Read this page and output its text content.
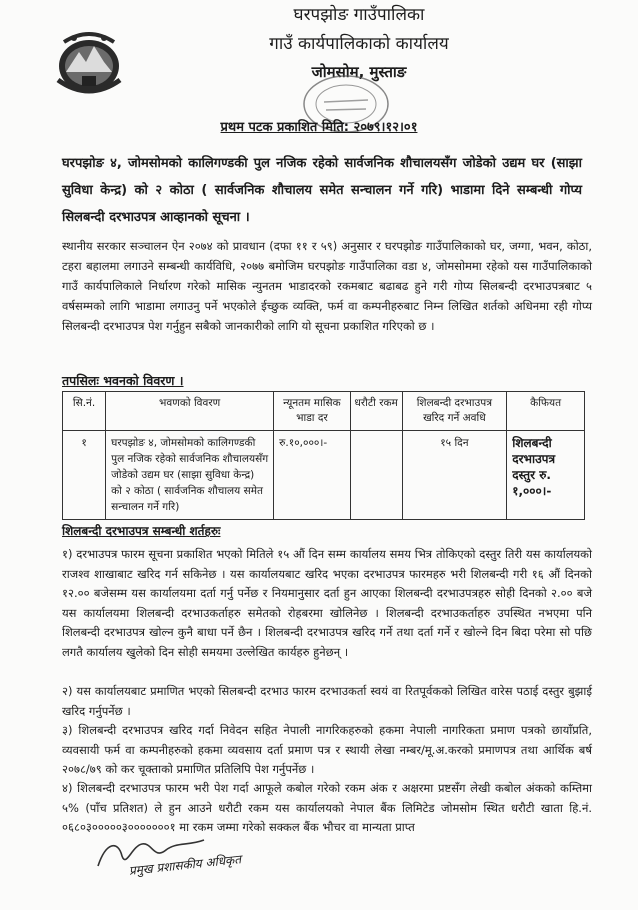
घरपझोङ गाउँपालिका
गाउँ कार्यपालिकाको कार्यालय
जोमसोम, मुस्ताङ
प्रथम पटक प्रकाशित मिति: २०७९।१२।०१
घरपझोङ ४, जोमसोमको कालिगण्डकी पुल नजिक रहेको सार्वजनिक शौचालयसँग जोडेको उद्यम घर (साझा सुविधा केन्द्र) को २ कोठा ( सार्वजनिक शौचालय समेत सन्चालन गर्ने गरि) भाडामा दिने सम्बन्धी गोप्य सिलबन्दी दरभाउपत्र आव्हानको सूचना ।
स्थानीय सरकार सञ्चालन ऐन २०७४ को प्रावधान (दफा ११ र ५९) अनुसार र घरपझोङ गाउँपालिकाको घर, जग्गा, भवन, कोठा, टहरा बहालमा लगाउने सम्बन्धी कार्यविधि, २०७७ बमोजिम घरपझोङ गाउँपालिका वडा ४, जोमसोममा रहेको यस गाउँपालिकाको गाउँ कार्यपालिकाले निर्धारण गरेको मासिक न्युनतम भाडादरको रकमबाट बढाबढ हुने गरी गोप्य सिलबन्दी दरभाउपत्रबाट ५ वर्षसम्मको लागि भाडामा लगाउनु पर्ने भएकोले ईच्छुक व्यक्ति, फर्म वा कम्पनीहरुबाट निम्न लिखित शर्तको अधिनमा रही गोप्य सिलबन्दी दरभाउपत्र पेश गर्नुहुन सबैको जानकारीको लागि यो सूचना प्रकाशित गरिएको छ ।
तपसिलः भवनको विवरण ।
सि.नं.	भवणको विवरण	न्यूनतम मासिक भाडा दर	धरौटी रकम	शिलबन्दी दरभाउपत्र खरिद गर्ने अवधि	कैफियत
१	घरपझोङ ४, जोमसोमको कालिगण्डकी पुल नजिक रहेको सार्वजनिक शौचालयसँग जोडेको उद्यम घर (साझा सुविधा केन्द्र) को २ कोठा ( सार्वजनिक शौचालय समेत सन्चालन गर्ने गरि)	रु.१०,०००।-		१५ दिन	शिलबन्दी दरभाउपत्र दस्तुर रु. १,०००।-
शिलबन्दी दरभाउपत्र सम्बन्धी शर्तहरुः
१) दरभाउपत्र फारम सूचना प्रकाशित भएको मितिले १५ औं दिन सम्म कार्यालय समय भित्र तोकिएको दस्तुर तिरी यस कार्यालयको राजश्व शाखाबाट खरिद गर्न सकिनेछ । यस कार्यालयबाट खरिद भएका दरभाउपत्र फारमहरु भरी शिलबन्दी गरी १६ औं दिनको १२.०० बजेसम्म यस कार्यालयमा दर्ता गर्नु पर्नेछ र नियमानुसार दर्ता हुन आएका शिलबन्दी दरभाउपत्रहरु सोही दिनको २.०० बजे यस कार्यालयमा शिलबन्दी दरभाउकर्ताहरु समेतको रोहबरमा खोलिनेछ । शिलबन्दी दरभाउकर्ताहरु उपस्थित नभएमा पनि शिलबन्दी दरभाउपत्र खोल्न कुनै बाधा पर्ने छैन । शिलबन्दी दरभाउपत्र खरिद गर्ने तथा दर्ता गर्ने र खोल्ने दिन बिदा परेमा सो पछि लगतै कार्यालय खुलेको दिन सोही समयमा उल्लेखित कार्यहरु हुनेछन् ।
२) यस कार्यालयबाट प्रमाणित भएको सिलबन्दी दरभाउ फारम दरभाउकर्ता स्वयं वा रितपूर्वकको लिखित वारेस पठाई दस्तुर बुझाई खरिद गर्नुपर्नेछ ।
३) शिलबन्दी दरभाउपत्र खरिद गर्दा निवेदन सहित नेपाली नागरिकहरुको हकमा नेपाली नागरिकता प्रमाण पत्रको छायाँप्रति, व्यवसायी फर्म वा कम्पनीहरुको हकमा व्यवसाय दर्ता प्रमाण पत्र र स्थायी लेखा नम्बर/मू.अ.करको प्रमाणपत्र तथा आर्थिक बर्ष २०७८/७९ को कर चूक्ताको प्रमाणित प्रतिलिपि पेश गर्नुपर्नेछ ।
४) शिलबन्दी दरभाउपत्र फारम भरी पेश गर्दा आफूले कबोल गरेको रकम अंक र अक्षरमा प्रष्टसँग लेखी कबोल अंकको कम्तिमा ५% (पाँच प्रतिशत) ले हुन आउने धरौटी रकम यस कार्यालयको नेपाल बैंक लिमिटेड जोमसोम स्थित धरौटी खाता हि.नं. ०६८०३०००००३०००००००१ मा रकम जम्मा गरेको सक्कल बैंक भौचर वा मान्यता प्राप्त
प्रमुख प्रशासकीय अधिकृत
